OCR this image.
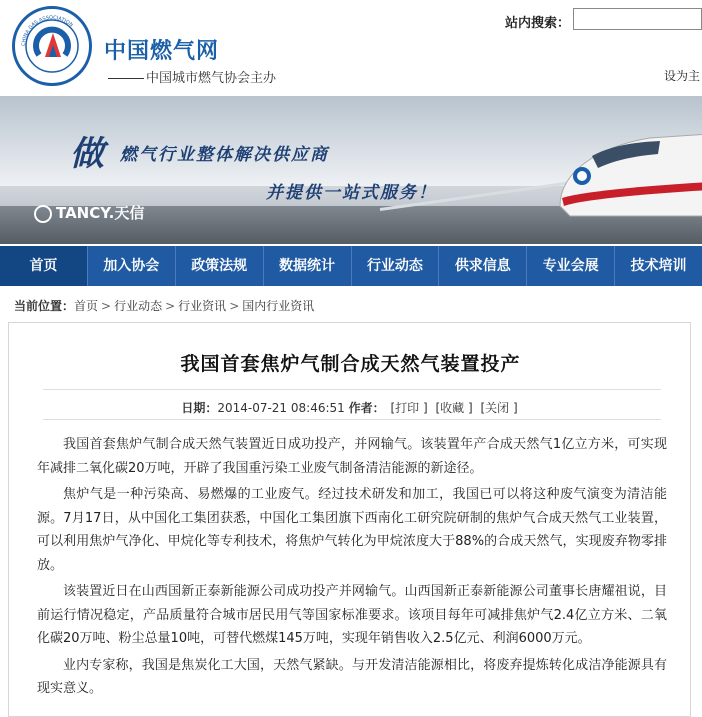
CHINA GAS ASSOCIATION
中国燃气网
中国城市燃气协会主办
站内搜索：
设为主
做 燃气行业整体解决供应商
并提供一站式服务！
TANCY.天信
首页	加入协会	政策法规	数据统计	行业动态	供求信息	专业会展	技术培训
当前位置：首页 > 行业动态 > 行业资讯 > 国内行业资讯
我国首套焦炉气制合成天然气装置投产
日期：2014-07-21 08:46:51 作者： [打印 ] [收藏 ] [关闭 ]

我国首套焦炉气制合成天然气装置近日成功投产，并网输气。该装置年产合成天然气1亿立方米，可实现年减排二氧化碳20万吨，开辟了我国重污染工业废气制备清洁能源的新途径。

焦炉气是一种污染高、易燃爆的工业废气。经过技术研发和加工，我国已可以将这种废气演变为清洁能源。7月17日，从中国化工集团获悉，中国化工集团旗下西南化工研究院研制的焦炉气合成天然气工业装置，可以利用焦炉气净化、甲烷化等专利技术，将焦炉气转化为甲烷浓度大于88%的合成天然气，实现废弃物零排放。

该装置近日在山西国新正泰新能源公司成功投产并网输气。山西国新正泰新能源公司董事长唐耀祖说，目前运行情况稳定，产品质量符合城市居民用气等国家标准要求。该项目每年可减排焦炉气2.4亿立方米、二氧化碳20万吨、粉尘总量10吨，可替代燃煤145万吨，实现年销售收入2.5亿元、利润6000万元。

业内专家称，我国是焦炭化工大国，天然气紧缺。与开发清洁能源相比，将废弃提炼转化成洁净能源具有现实意义。
